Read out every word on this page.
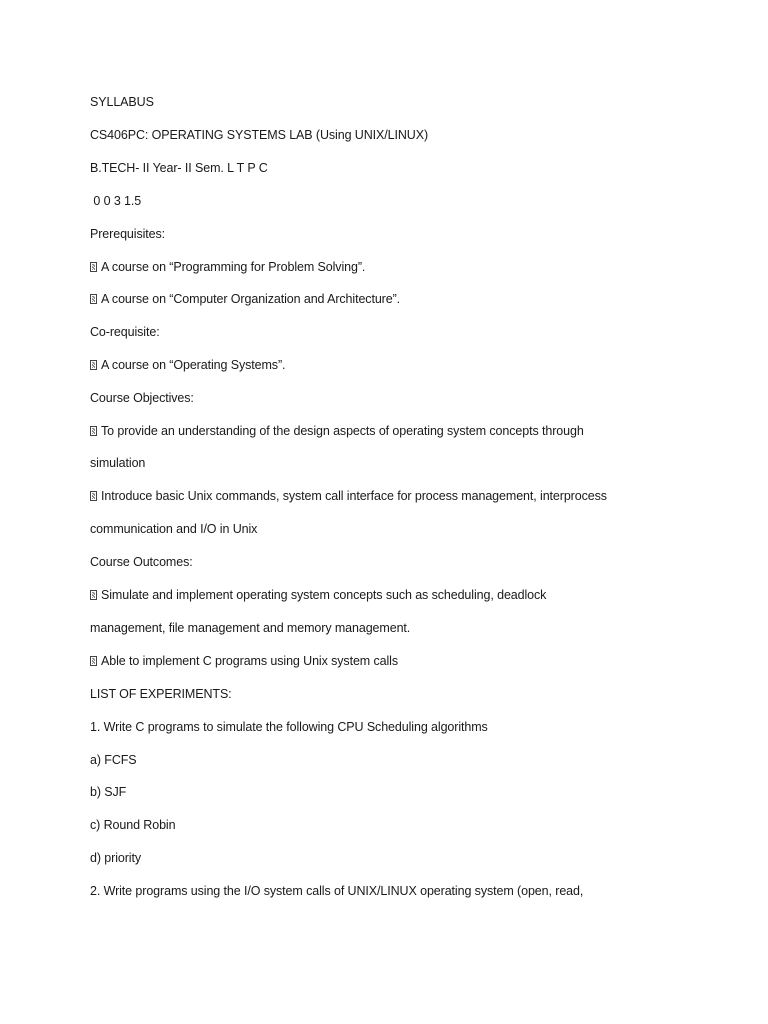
SYLLABUS
CS406PC: OPERATING SYSTEMS LAB (Using UNIX/LINUX)
B.TECH- II Year- II Sem. L T P C
0 0 3 1.5
Prerequisites:
A course on “Programming for Problem Solving”.
A course on “Computer Organization and Architecture”.
Co-requisite:
A course on “Operating Systems”.
Course Objectives:
To provide an understanding of the design aspects of operating system concepts through
simulation
Introduce basic Unix commands, system call interface for process management, interprocess
communication and I/O in Unix
Course Outcomes:
Simulate and implement operating system concepts such as scheduling, deadlock
management, file management and memory management.
Able to implement C programs using Unix system calls
LIST OF EXPERIMENTS:
1. Write C programs to simulate the following CPU Scheduling algorithms
a) FCFS
b) SJF
c) Round Robin
d) priority
2. Write programs using the I/O system calls of UNIX/LINUX operating system (open, read,
